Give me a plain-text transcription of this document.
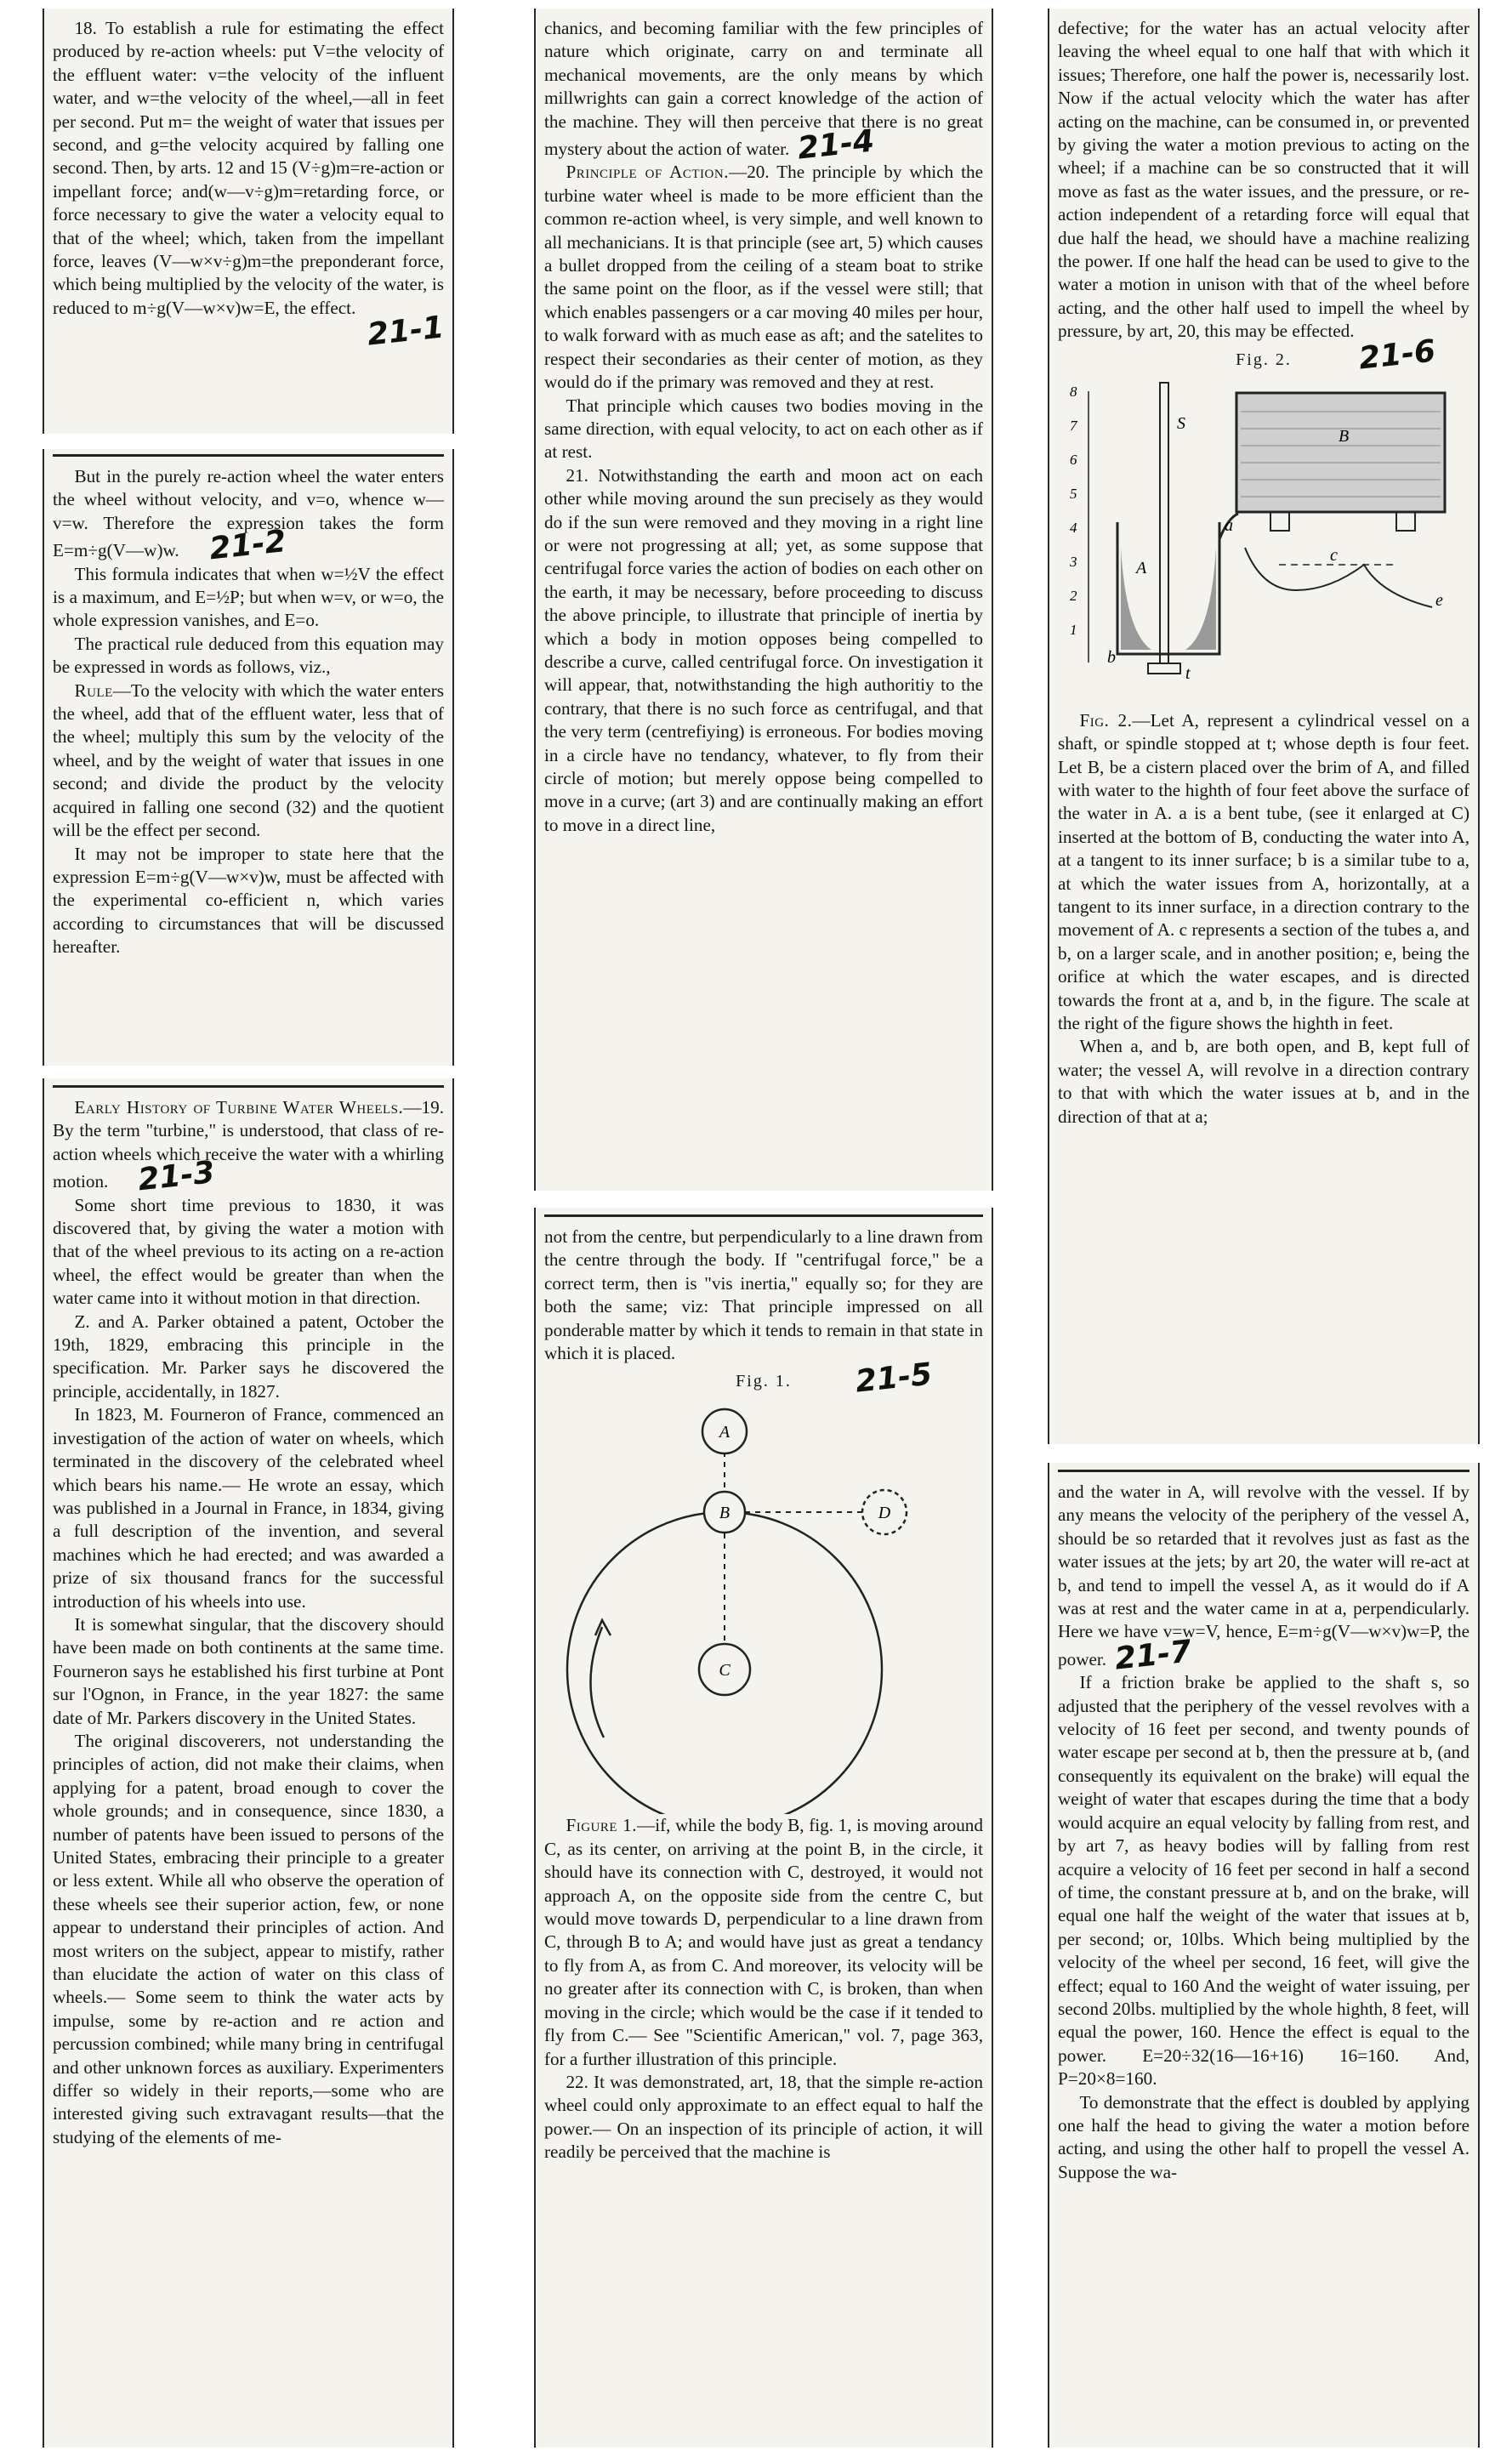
18. To establish a rule for estimating the effect produced by re-action wheels: put V=the velocity of the effluent water: v=the velocity of the influent water, and w=the velocity of the wheel,—all in feet per second. Put m= the weight of water that issues per second, and g=the velocity acquired by falling one second. Then, by arts. 12 and 15 (V÷g)m=re-action or impellant force; and(w—v÷g)m=retarding force, or force necessary to give the water a velocity equal to that of the wheel; which, taken from the impellant force, leaves (V—w×v÷g)m=the preponderant force, which being multiplied by the velocity of the water, is reduced to m÷g(V—w×v)w=E, the effect.

21-1

But in the purely re-action wheel the water enters the wheel without velocity, and v=o, whence w—v=w. Therefore the expression takes the form E=m÷g(V—w)w. 21-2

This formula indicates that when w=½V the effect is a maximum, and E=½P; but when w=v, or w=o, the whole expression vanishes, and E=o.

The practical rule deduced from this equation may be expressed in words as follows, viz.,

Rule—To the velocity with which the water enters the wheel, add that of the effluent water, less that of the wheel; multiply this sum by the velocity of the wheel, and by the weight of water that issues in one second; and divide the product by the velocity acquired in falling one second (32) and the quotient will be the effect per second.

It may not be improper to state here that the expression E=m÷g(V—w×v)w, must be affected with the experimental co-efficient n, which varies according to circumstances that will be discussed hereafter.

Early History of Turbine Water Wheels.—19. By the term "turbine," is understood, that class of re-action wheels which receive the water with a whirling motion. 21-3

Some short time previous to 1830, it was discovered that, by giving the water a motion with that of the wheel previous to its acting on a re-action wheel, the effect would be greater than when the water came into it without motion in that direction.

Z. and A. Parker obtained a patent, October the 19th, 1829, embracing this principle in the specification. Mr. Parker says he discovered the principle, accidentally, in 1827.

In 1823, M. Fourneron of France, commenced an investigation of the action of water on wheels, which terminated in the discovery of the celebrated wheel which bears his name.— He wrote an essay, which was published in a Journal in France, in 1834, giving a full description of the invention, and several machines which he had erected; and was awarded a prize of six thousand francs for the successful introduction of his wheels into use.

It is somewhat singular, that the discovery should have been made on both continents at the same time. Fourneron says he established his first turbine at Pont sur l'Ognon, in France, in the year 1827: the same date of Mr. Parkers discovery in the United States.

The original discoverers, not understanding the principles of action, did not make their claims, when applying for a patent, broad enough to cover the whole grounds; and in consequence, since 1830, a number of patents have been issued to persons of the United States, embracing their principle to a greater or less extent. While all who observe the operation of these wheels see their superior action, few, or none appear to understand their principles of action. And most writers on the subject, appear to mistify, rather than elucidate the action of water on this class of wheels.— Some seem to think the water acts by impulse, some by re-action and re action and percussion combined; while many bring in centrifugal and other unknown forces as auxiliary. Experimenters differ so widely in their reports,—some who are interested giving such extravagant results—that the studying of the elements of me-

chanics, and becoming familiar with the few principles of nature which originate, carry on and terminate all mechanical movements, are the only means by which millwrights can gain a correct knowledge of the action of the machine. They will then perceive that there is no great mystery about the action of water. 21-4

Principle of Action.—20. The principle by which the turbine water wheel is made to be more efficient than the common re-action wheel, is very simple, and well known to all mechanicians. It is that principle (see art, 5) which causes a bullet dropped from the ceiling of a steam boat to strike the same point on the floor, as if the vessel were still; that which enables passengers or a car moving 40 miles per hour, to walk forward with as much ease as aft; and the satelites to respect their secondaries as their center of motion, as they would do if the primary was removed and they at rest.

That principle which causes two bodies moving in the same direction, with equal velocity, to act on each other as if at rest.

21. Notwithstanding the earth and moon act on each other while moving around the sun precisely as they would do if the sun were removed and they moving in a right line or were not progressing at all; yet, as some suppose that centrifugal force varies the action of bodies on each other on the earth, it may be necessary, before proceeding to discuss the above principle, to illustrate that principle of inertia by which a body in motion opposes being compelled to describe a curve, called centrifugal force. On investigation it will appear, that, notwithstanding the high authoritiy to the contrary, that there is no such force as centrifugal, and that the very term (centrefiying) is erroneous. For bodies moving in a circle have no tendancy, whatever, to fly from their circle of motion; but merely oppose being compelled to move in a curve; (art 3) and are continually making an effort to move in a direct line,

not from the centre, but perpendicularly to a line drawn from the centre through the body. If "centrifugal force," be a correct term, then is "vis inertia," equally so; for they are both the same; viz: That principle impressed on all ponderable matter by which it tends to remain in that state in which it is placed.

Fig. 1.	21-5
A
B
C
D

Figure 1.—if, while the body B, fig. 1, is moving around C, as its center, on arriving at the point B, in the circle, it should have its connection with C, destroyed, it would not approach A, on the opposite side from the centre C, but would move towards D, perpendicular to a line drawn from C, through B to A; and would have just as great a tendancy to fly from A, as from C. And moreover, its velocity will be no greater after its connection with C, is broken, than when moving in the circle; which would be the case if it tended to fly from C.— See "Scientific American," vol. 7, page 363, for a further illustration of this principle.

22. It was demonstrated, art, 18, that the simple re-action wheel could only approximate to an effect equal to half the power.— On an inspection of its principle of action, it will readily be perceived that the machine is

defective; for the water has an actual velocity after leaving the wheel equal to one half that with which it issues; Therefore, one half the power is, necessarily lost. Now if the actual velocity which the water has after acting on the machine, can be consumed in, or prevented by giving the water a motion previous to acting on the wheel; if a machine can be so constructed that it will move as fast as the water issues, and the pressure, or re-action independent of a retarding force will equal that due half the head, we should have a machine realizing the power. If one half the head can be used to give to the water a motion in unison with that of the wheel before acting, and the other half used to impell the wheel by pressure, by art, 20, this may be effected.

Fig. 2.	21-6
8
7
6
5
4
3
2
1
S
B
A
a
b
c
e
t

Fig. 2.—Let A, represent a cylindrical vessel on a shaft, or spindle stopped at t; whose depth is four feet. Let B, be a cistern placed over the brim of A, and filled with water to the highth of four feet above the surface of the water in A. a is a bent tube, (see it enlarged at C) inserted at the bottom of B, conducting the water into A, at a tangent to its inner surface; b is a similar tube to a, at which the water issues from A, horizontally, at a tangent to its inner surface, in a direction contrary to the movement of A. c represents a section of the tubes a, and b, on a larger scale, and in another position; e, being the orifice at which the water escapes, and is directed towards the front at a, and b, in the figure. The scale at the right of the figure shows the highth in feet.

When a, and b, are both open, and B, kept full of water; the vessel A, will revolve in a direction contrary to that with which the water issues at b, and in the direction of that at a;

and the water in A, will revolve with the vessel. If by any means the velocity of the periphery of the vessel A, should be so retarded that it revolves just as fast as the water issues at the jets; by art 20, the water will re-act at b, and tend to impell the vessel A, as it would do if A was at rest and the water came in at a, perpendicularly. Here we have v=w=V, hence, E=m÷g(V—w×v)w=P, the power. 21-7

If a friction brake be applied to the shaft s, so adjusted that the periphery of the vessel revolves with a velocity of 16 feet per second, and twenty pounds of water escape per second at b, then the pressure at b, (and consequently its equivalent on the brake) will equal the weight of water that escapes during the time that a body would acquire an equal velocity by falling from rest, and by art 7, as heavy bodies will by falling from rest acquire a velocity of 16 feet per second in half a second of time, the constant pressure at b, and on the brake, will equal one half the weight of the water that issues at b, per second; or, 10lbs. Which being multiplied by the velocity of the wheel per second, 16 feet, will give the effect; equal to 160 And the weight of water issuing, per second 20lbs. multiplied by the whole highth, 8 feet, will equal the power, 160. Hence the effect is equal to the power. E=20÷32(16—16+16) 16=160. And, P=20×8=160.

To demonstrate that the effect is doubled by applying one half the head to giving the water a motion before acting, and using the other half to propell the vessel A. Suppose the wa-
